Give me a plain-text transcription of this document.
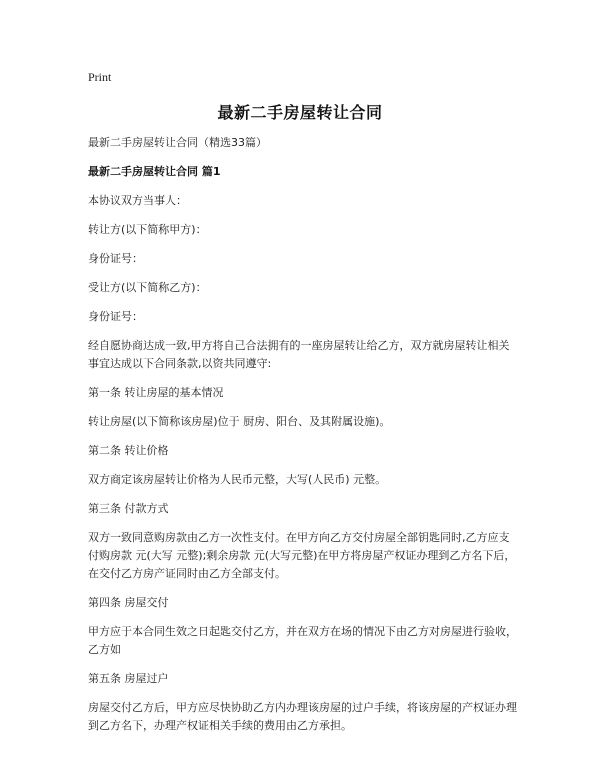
Print
最新二手房屋转让合同

最新二手房屋转让合同（精选33篇）

最新二手房屋转让合同 篇1

本协议双方当事人：

转让方(以下简称甲方)：

身份证号：

受让方(以下简称乙方)：

身份证号：

经自愿协商达成一致,甲方将自己合法拥有的一座房屋转让给乙方，双方就房屋转让相关事宜达成以下合同条款,以资共同遵守:

第一条 转让房屋的基本情况

转让房屋(以下简称该房屋)位于 厨房、阳台、及其附属设施)。

第二条 转让价格

双方商定该房屋转让价格为人民币元整，大写(人民币) 元整。

第三条 付款方式

双方一致同意购房款由乙方一次性支付。在甲方向乙方交付房屋全部钥匙同时,乙方应支付购房款 元(大写 元整);剩余房款 元(大写元整)在甲方将房屋产权证办理到乙方名下后，在交付乙方房产证同时由乙方全部支付。

第四条 房屋交付

甲方应于本合同生效之日起匙交付乙方，并在双方在场的情况下由乙方对房屋进行验收，乙方如

第五条 房屋过户

房屋交付乙方后，甲方应尽快协助乙方内办理该房屋的过户手续，将该房屋的产权证办理到乙方名下，办理产权证相关手续的费用由乙方承担。
